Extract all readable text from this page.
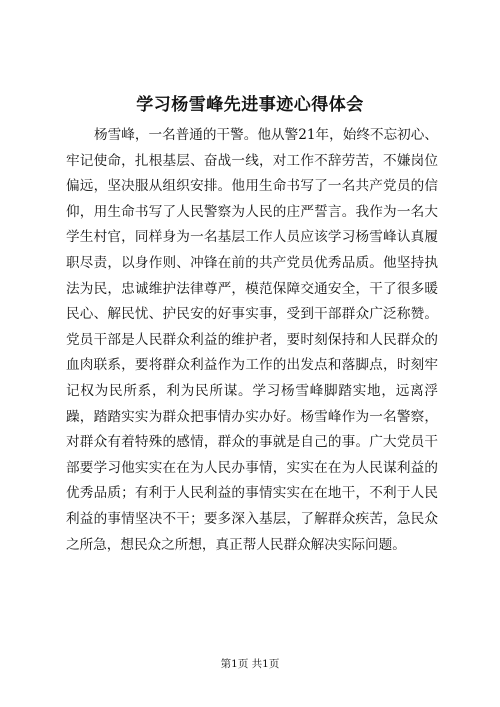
学习杨雪峰先进事迹心得体会

杨雪峰，一名普通的干警。他从警21年，始终不忘初心、牢记使命，扎根基层、奋战一线，对工作不辞劳苦，不嫌岗位偏远，坚决服从组织安排。他用生命书写了一名共产党员的信仰，用生命书写了人民警察为人民的庄严誓言。我作为一名大学生村官，同样身为一名基层工作人员应该学习杨雪峰认真履职尽责，以身作则、冲锋在前的共产党员优秀品质。他坚持执法为民，忠诚维护法律尊严，模范保障交通安全，干了很多暖民心、解民忧、护民安的好事实事，受到干部群众广泛称赞。党员干部是人民群众利益的维护者，要时刻保持和人民群众的血肉联系，要将群众利益作为工作的出发点和落脚点，时刻牢记权为民所系，利为民所谋。学习杨雪峰脚踏实地，远离浮躁，踏踏实实为群众把事情办实办好。杨雪峰作为一名警察，对群众有着特殊的感情，群众的事就是自己的事。广大党员干部要学习他实实在在为人民办事情，实实在在为人民谋利益的优秀品质；有利于人民利益的事情实实在在地干，不利于人民利益的事情坚决不干；要多深入基层，了解群众疾苦，急民众之所急，想民众之所想，真正帮人民群众解决实际问题。

第1页 共1页
